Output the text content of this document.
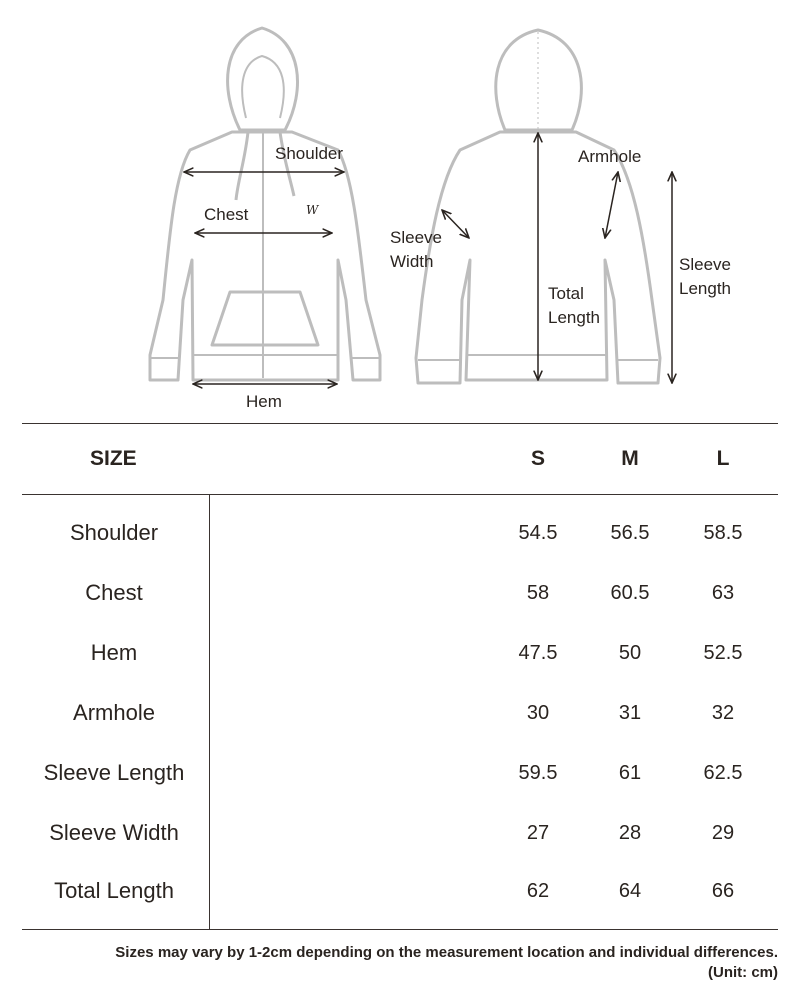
W
Shoulder
Chest
Hem
Armhole
Sleeve
Width
Total
Length
Sleeve
Length
SIZE	S	M	L
Shoulder	54.5	56.5	58.5
Chest	58	60.5	63
Hem	47.5	50	52.5
Armhole	30	31	32
Sleeve Length	59.5	61	62.5
Sleeve Width	27	28	29
Total Length	62	64	66
Sizes may vary by 1-2cm depending on the measurement location and individual differences.
(Unit: cm)
